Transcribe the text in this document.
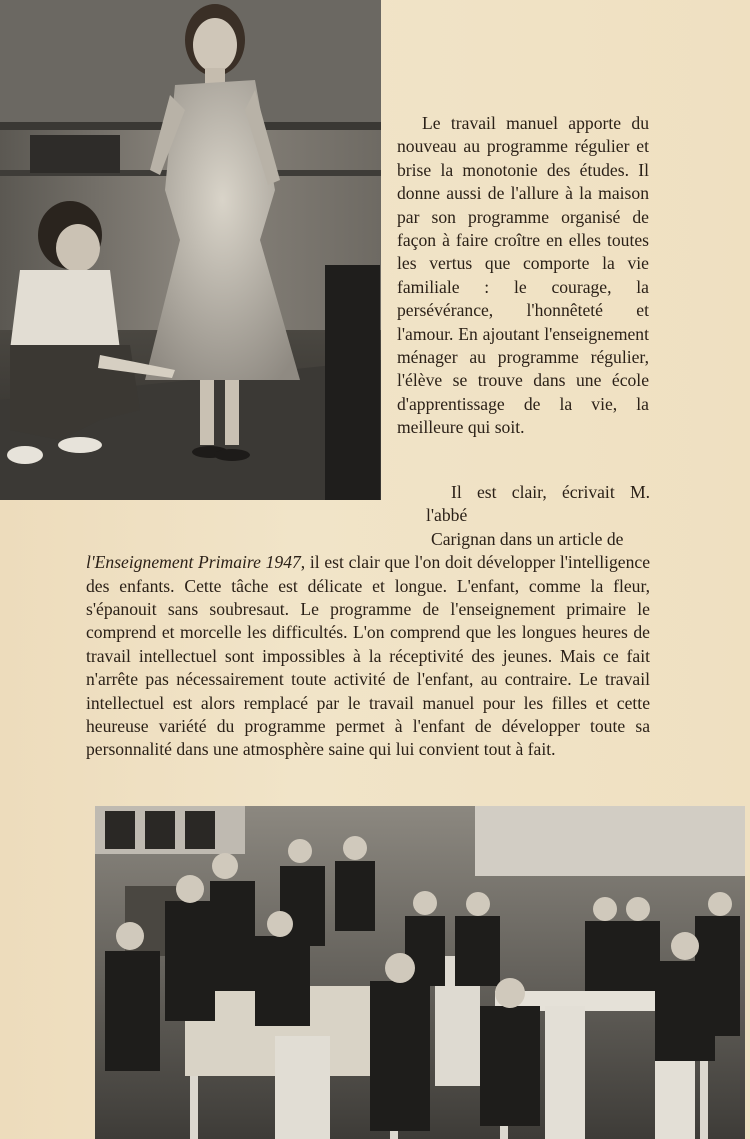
Le travail manuel apporte du nouveau au programme régulier et brise la monotonie des études. Il donne aussi de l'allure à la maison par son programme organisé de façon à faire croître en elles toutes les vertus que comporte la vie familiale : le courage, la persévérance, l'honnêteté et l'amour. En ajoutant l'enseignement ménager au programme régulier, l'élève se trouve dans une école d'apprentissage de la vie, la meilleure qui soit.

Il est clair, écrivait M. l'abbé
Carignan dans un article de
l'Enseignement Primaire 1947, il est clair que l'on doit développer l'intelligence des enfants. Cette tâche est délicate et longue. L'enfant, comme la fleur, s'épanouit sans soubresaut. Le programme de l'enseignement primaire le comprend et morcelle les difficultés. L'on comprend que les longues heures de travail intellectuel sont impossibles à la réceptivité des jeunes. Mais ce fait n'arrête pas nécessairement toute activité de l'enfant, au contraire. Le travail intellectuel est alors remplacé par le travail manuel pour les filles et cette heureuse variété du programme permet à l'enfant de développer toute sa personnalité dans une atmosphère saine qui lui convient tout à fait.
